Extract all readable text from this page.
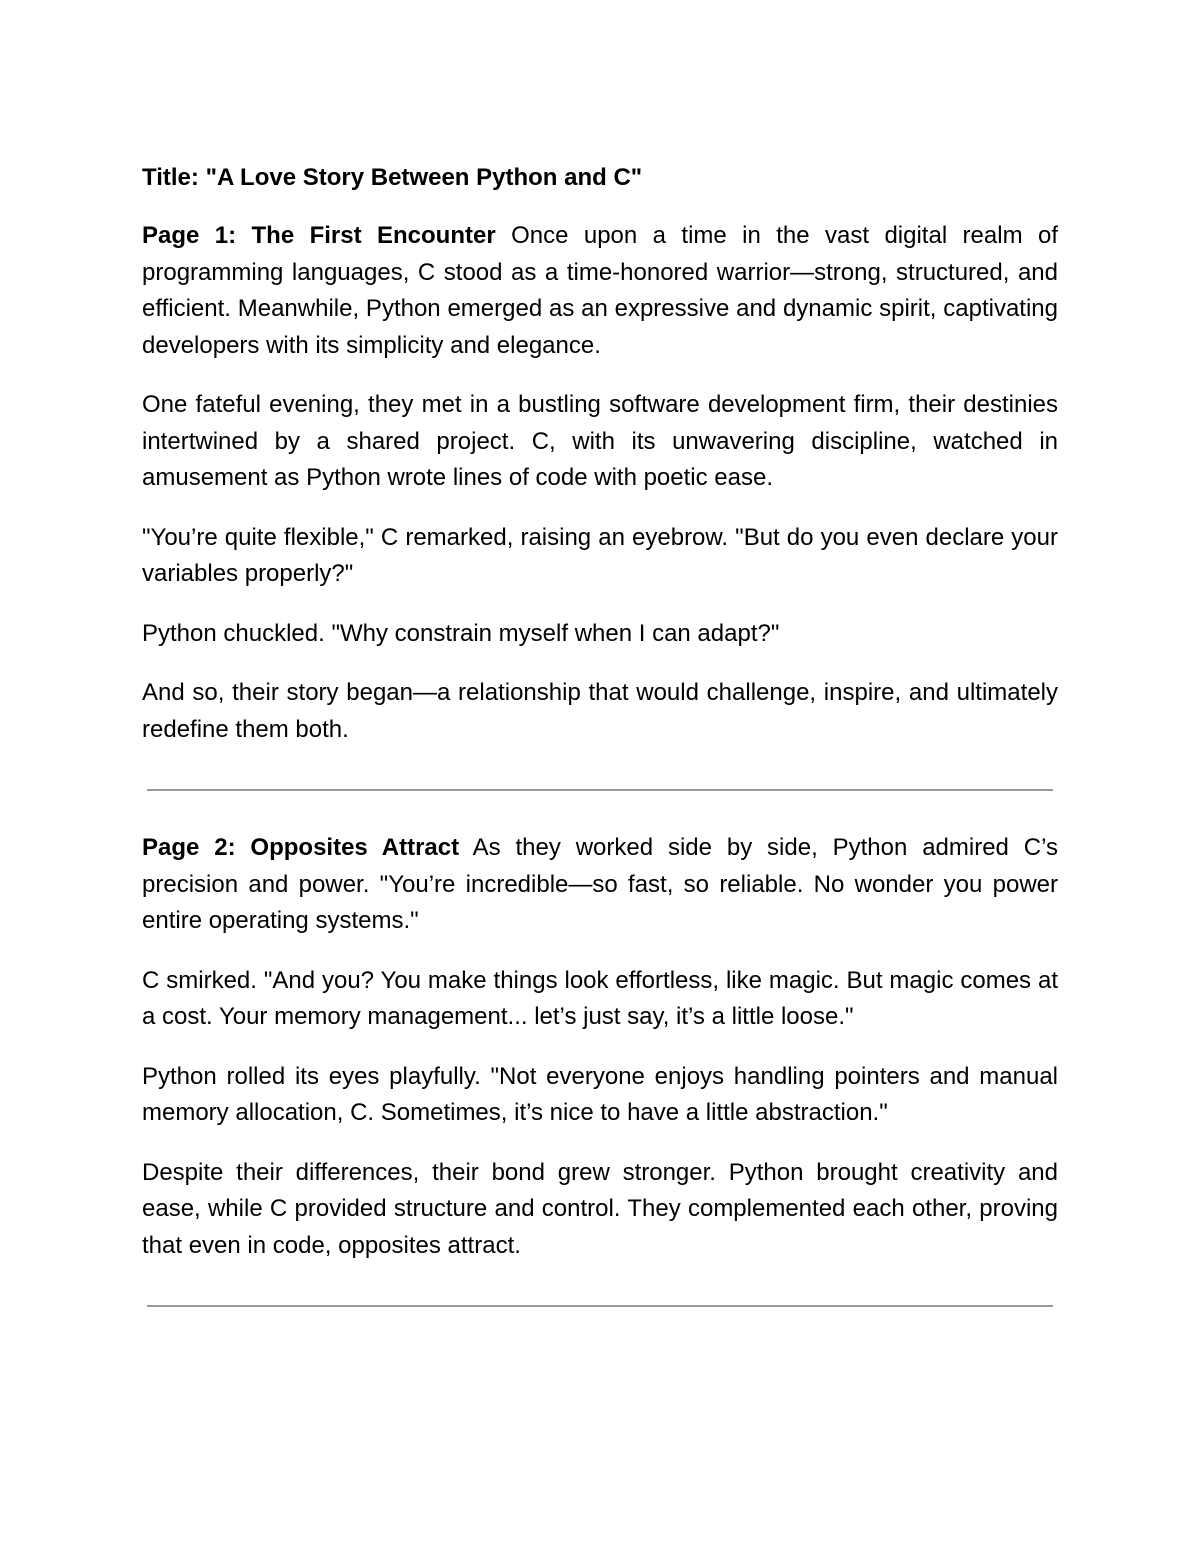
Title: "A Love Story Between Python and C"

Page 1: The First Encounter Once upon a time in the vast digital realm of programming languages, C stood as a time-honored warrior—strong, structured, and efficient. Meanwhile, Python emerged as an expressive and dynamic spirit, captivating developers with its simplicity and elegance.

One fateful evening, they met in a bustling software development firm, their destinies intertwined by a shared project. C, with its unwavering discipline, watched in amusement as Python wrote lines of code with poetic ease.

"You’re quite flexible," C remarked, raising an eyebrow. "But do you even declare your variables properly?"

Python chuckled. "Why constrain myself when I can adapt?"

And so, their story began—a relationship that would challenge, inspire, and ultimately redefine them both.

Page 2: Opposites Attract As they worked side by side, Python admired C’s precision and power. "You’re incredible—so fast, so reliable. No wonder you power entire operating systems."

C smirked. "And you? You make things look effortless, like magic. But magic comes at a cost. Your memory management... let’s just say, it’s a little loose."

Python rolled its eyes playfully. "Not everyone enjoys handling pointers and manual memory allocation, C. Sometimes, it’s nice to have a little abstraction."

Despite their differences, their bond grew stronger. Python brought creativity and ease, while C provided structure and control. They complemented each other, proving that even in code, opposites attract.
